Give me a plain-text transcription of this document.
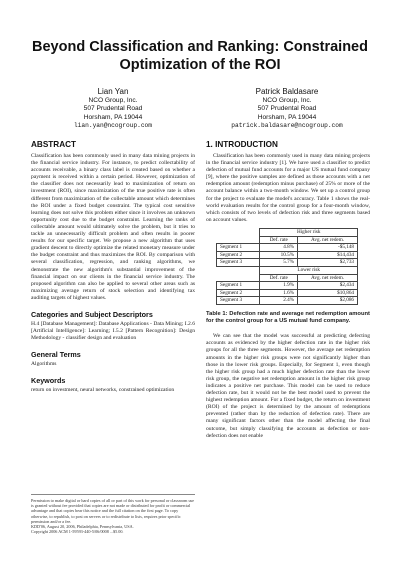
Beyond Classification and Ranking: Constrained Optimization of the ROI
Lian Yan
NCO Group, Inc.
507 Prudental Road
Horsham, PA 19044
lian.yan@ncogroup.com
Patrick Baldasare
NCO Group, Inc.
507 Prudental Road
Horsham, PA 19044
patrick.baldasare@ncogroup.com
ABSTRACT

Classification has been commonly used in many data mining projects in the financial service industry. For instance, to predict collectability of accounts receivable, a binary class label is created based on whether a payment is received within a certain period. However, optimization of the classifier does not necessarily lead to maximization of return on investment (ROI), since maximization of the true positive rate is often different from maximization of the collectable amount which determines the ROI under a fixed budget constraint. The typical cost sensitive learning does not solve this problem either since it involves an unknown opportunity cost due to the budget constraint. Learning the ranks of collectable amount would ultimately solve the problem, but it tries to tackle an unnecessarily difficult problem and often results in poorer results for our specific target. We propose a new algorithm that uses gradient descent to directly optimize the related monetary measure under the budget constraint and thus maximizes the ROI. By comparison with several classification, regression, and ranking algorithms, we demonstrate the new algorithm's substantial improvement of the financial impact on our clients in the financial service industry. The proposed algorithm can also be applied to several other areas such as maximizing average return of stock selection and identifying tax auditing targets of highest values.

Categories and Subject Descriptors

H.4 [Database Management]: Database Applications - Data Mining; I.2.6 [Artificial Intelligence]: Learning; I.5.2 [Pattern Recognition]: Design Methodology - classifier design and evaluation

General Terms

Algorithms

Keywords

return on investment, neural networks, constrained optimization

Permission to make digital or hard copies of all or part of this work for personal or classroom use is granted without fee provided that copies are not made or distributed for profit or commercial advantage and that copies bear this notice and the full citation on the first page. To copy otherwise, to republish, to post on servers or to redistribute to lists, requires prior specific permission and/or a fee.
KDD'06, August 20, 2006, Philadelphia, Pennsylvania, USA.
Copyright 2006 ACM 1-59593-440-5/06/0008 ...$5.00.
1. INTRODUCTION

Classification has been commonly used in many data mining projects in the financial service industry [1]. We have used a classifier to predict defection of mutual fund accounts for a major US mutual fund company [9], where the positive samples are defined as those accounts with a net redemption amount (redemption minus purchase) of 25% or more of the account balance within a two-month window. We set up a control group for the project to evaluate the model's accuracy. Table 1 shows the real-world evaluation results for the control group for a four-month window, which consists of two levels of defection risk and three segments based on account values.

	Higher risk	
	Def. rate	Avg. net redem.
Segment 1	4.8%	-$5,148
Segment 2	10.5%	$14,434
Segment 3	5.7%	$2,733
	Lower risk	
	Def. rate	Avg. net redem.
Segment 1	1.9%	$2,434
Segment 2	1.6%	$10,864
Segment 3	2.4%	$2,086

Table 1: Defection rate and average net redemption amount for the control group for a US mutual fund company.

We can see that the model was successful at predicting defecting accounts as evidenced by the higher defection rate in the higher risk groups for all the three segments. However, the average net redemption amounts in the higher risk groups were not significantly higher than those in the lower risk groups. Especially, for Segment 1, even though the higher risk group had a much higher defection rate than the lower risk group, the negative net redemption amount in the higher risk group indicates a positive net purchase. This model can be used to reduce defection rate, but it would not be the best model used to prevent the highest redemption amount. For a fixed budget, the return on investment (ROI) of the project is determined by the amount of redemptions prevented (rather than by the reduction of defection rate). There are many significant factors other than the model affecting the final outcome, but simply classifying the accounts as defection or non-defection does not enable
